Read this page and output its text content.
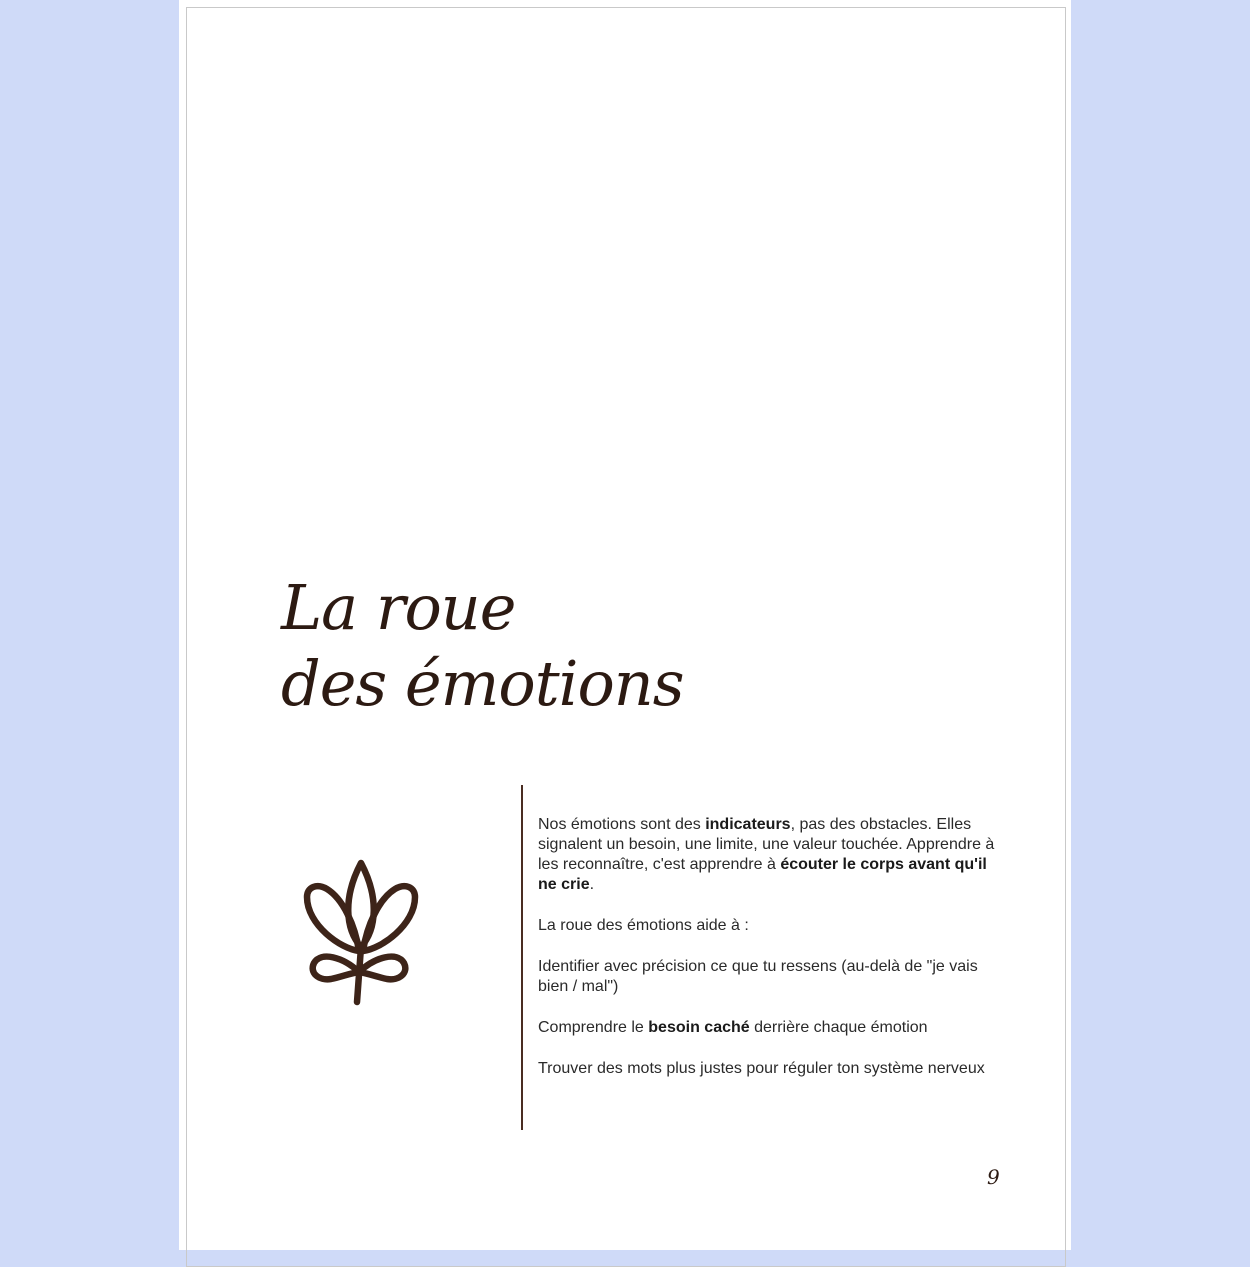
La roue
des émotions

Nos émotions sont des indicateurs, pas des obstacles. Elles signalent un besoin, une limite, une valeur touchée. Apprendre à les reconnaître, c'est apprendre à écouter le corps avant qu'il ne crie.

La roue des émotions aide à :

Identifier avec précision ce que tu ressens (au-delà de "je vais bien / mal")

Comprendre le besoin caché derrière chaque émotion

Trouver des mots plus justes pour réguler ton système nerveux

9
